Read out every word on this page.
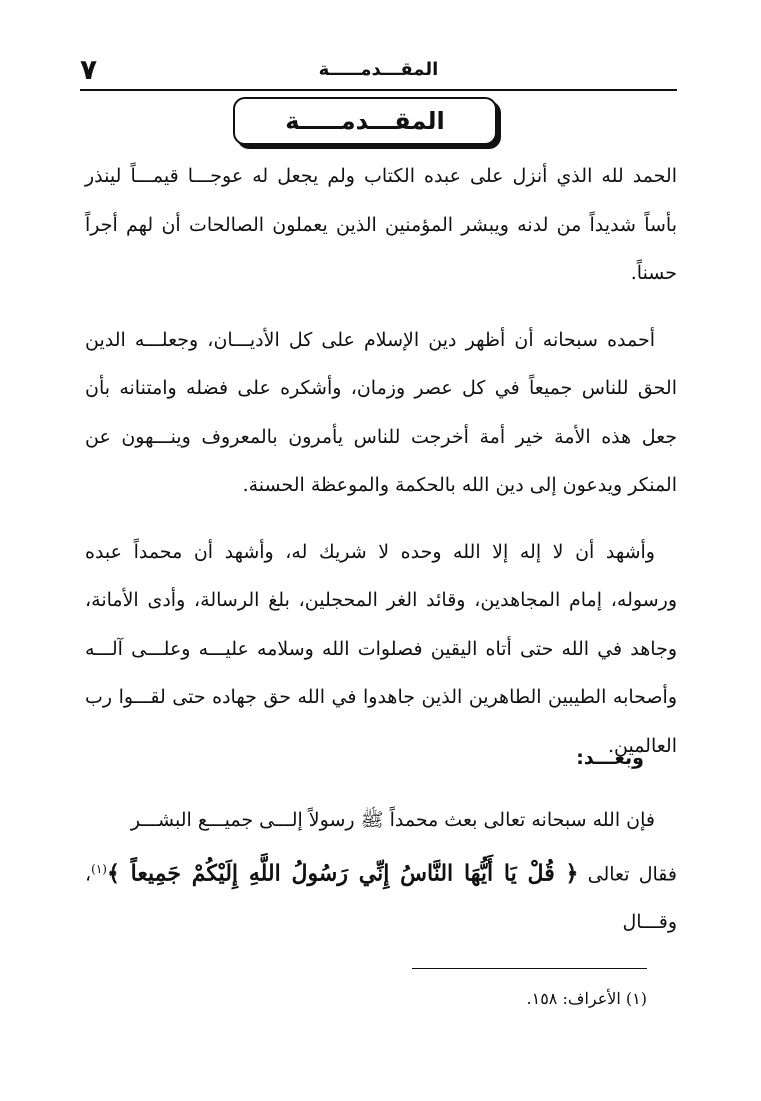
٧	المقـــدمـــــة
المقـــدمـــــة

الحمد لله الذي أنزل على عبده الكتاب ولم يجعل له عوجـــا قيمـــاً لينذر بأساً شديداً من لدنه ويبشر المؤمنين الذين يعملون الصالحات أن لهم أجراً حسناً.

أحمده سبحانه أن أظهر دين الإسلام على كل الأديـــان، وجعلـــه الدين الحق للناس جميعاً في كل عصر وزمان، وأشكره على فضله وامتنانه بأن جعل هذه الأمة خير أمة أخرجت للناس يأمرون بالمعروف وينـــهون عن المنكر ويدعون إلى دين الله بالحكمة والموعظة الحسنة.

وأشهد أن لا إله إلا الله وحده لا شريك له، وأشهد أن محمداً عبده ورسوله، إمام المجاهدين، وقائد الغر المحجلين، بلغ الرسالة، وأدى الأمانة، وجاهد في الله حتى أتاه اليقين فصلوات الله وسلامه عليـــه وعلـــى آلـــه وأصحابه الطيبين الطاهرين الذين جاهدوا في الله حق جهاده حتى لقـــوا رب العالمين.

وبعـــد:

فإن الله سبحانه تعالى بعث محمداً ﷺ رسولاً إلـــى جميـــع البشـــر

فقال تعالى ﴿ قُلْ يَا أَيُّهَا النَّاسُ إِنِّي رَسُولُ اللَّهِ إِلَيْكُمْ جَمِيعاً ﴾$^{(١)}$، وقـــال

(١) الأعراف: ١٥٨.
